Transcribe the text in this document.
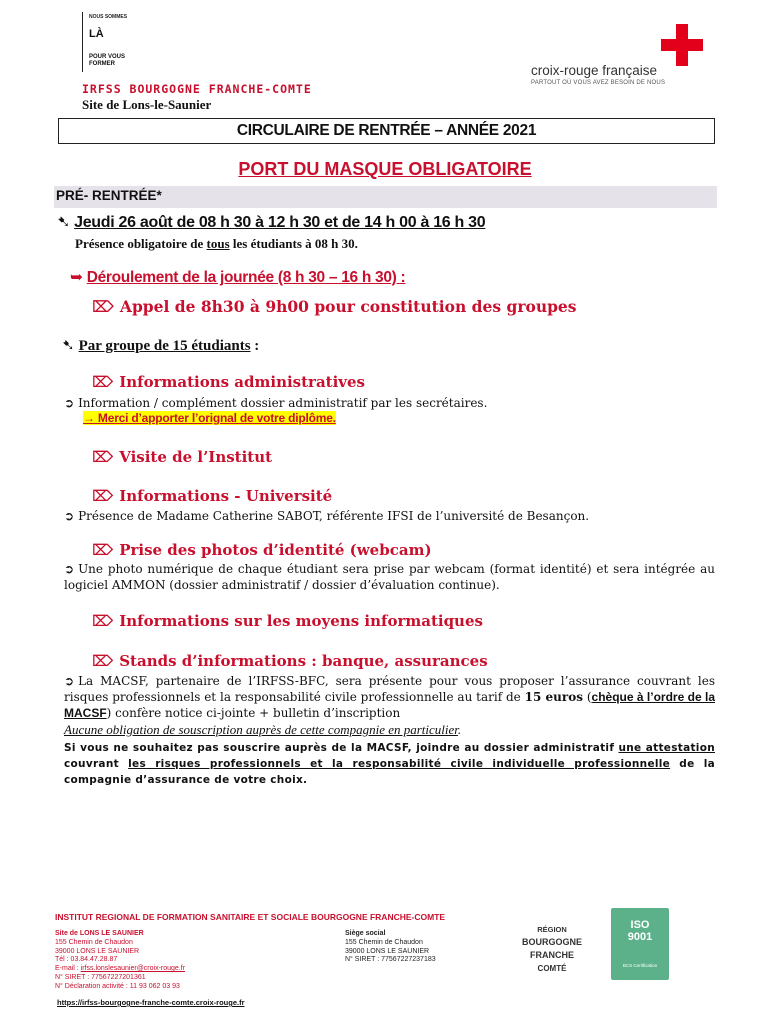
NOUS SOMMES
LÀ
POUR VOUS
FORMER
IRFSS BOURGOGNE FRANCHE-COMTE
Site de Lons-le-Saunier
croix-rouge française
PARTOUT OÙ VOUS AVEZ BESOIN DE NOUS
CIRCULAIRE DE RENTRÉE – ANNÉE 2021
PORT DU MASQUE OBLIGATOIRE
PRÉ- RENTRÉE*
➷ Jeudi 26 août de 08 h 30 à 12 h 30 et de 14 h 00 à 16 h 30
Présence obligatoire de tous les étudiants à 08 h 30.
➥ Déroulement de la journée (8 h 30 – 16 h 30) :
⌦ Appel de 8h30 à 9h00 pour constitution des groupes
➷ Par groupe de 15 étudiants :
⌦ Informations administratives
➲ Information / complément dossier administratif par les secrétaires.
→ Merci d’apporter l’orignal de votre diplôme.
⌦ Visite de l’Institut
⌦ Informations - Université
➲ Présence de Madame Catherine SABOT, référente IFSI de l’université de Besançon.
⌦ Prise des photos d’identité (webcam)
➲ Une photo numérique de chaque étudiant sera prise par webcam (format identité) et sera intégrée au logiciel AMMON (dossier administratif / dossier d’évaluation continue).
⌦ Informations sur les moyens informatiques
⌦ Stands d’informations : banque, assurances
➲ La MACSF, partenaire de l’IRFSS-BFC, sera présente pour vous proposer l’assurance couvrant les risques professionnels et la responsabilité civile professionnelle au tarif de 15 euros (chèque à l’ordre de la MACSF) confère notice ci-jointe + bulletin d’inscription
Aucune obligation de souscription auprès de cette compagnie en particulier.
Si vous ne souhaitez pas souscrire auprès de la MACSF, joindre au dossier administratif une attestation couvrant les risques professionnels et la responsabilité civile individuelle professionnelle de la compagnie d’assurance de votre choix.
INSTITUT REGIONAL DE FORMATION SANITAIRE ET SOCIALE BOURGOGNE FRANCHE-COMTE
Site de LONS LE SAUNIER
155 Chemin de Chaudon
39000 LONS LE SAUNIER
Tél : 03.84.47.28.87
E-mail : irfss.lonslesaunier@croix-rouge.fr
N° SIRET : 77567227201361
N° Déclaration activité : 11 93 062 03 93
Siège social
155 Chemin de Chaudon
39000 LONS LE SAUNIER
N° SIRET : 77567227237183
RÉGION
BOURGOGNE
FRANCHE
COMTÉ
ISO
9001
BCS Certification
https://irfss-bourgogne-franche-comte.croix-rouge.fr
